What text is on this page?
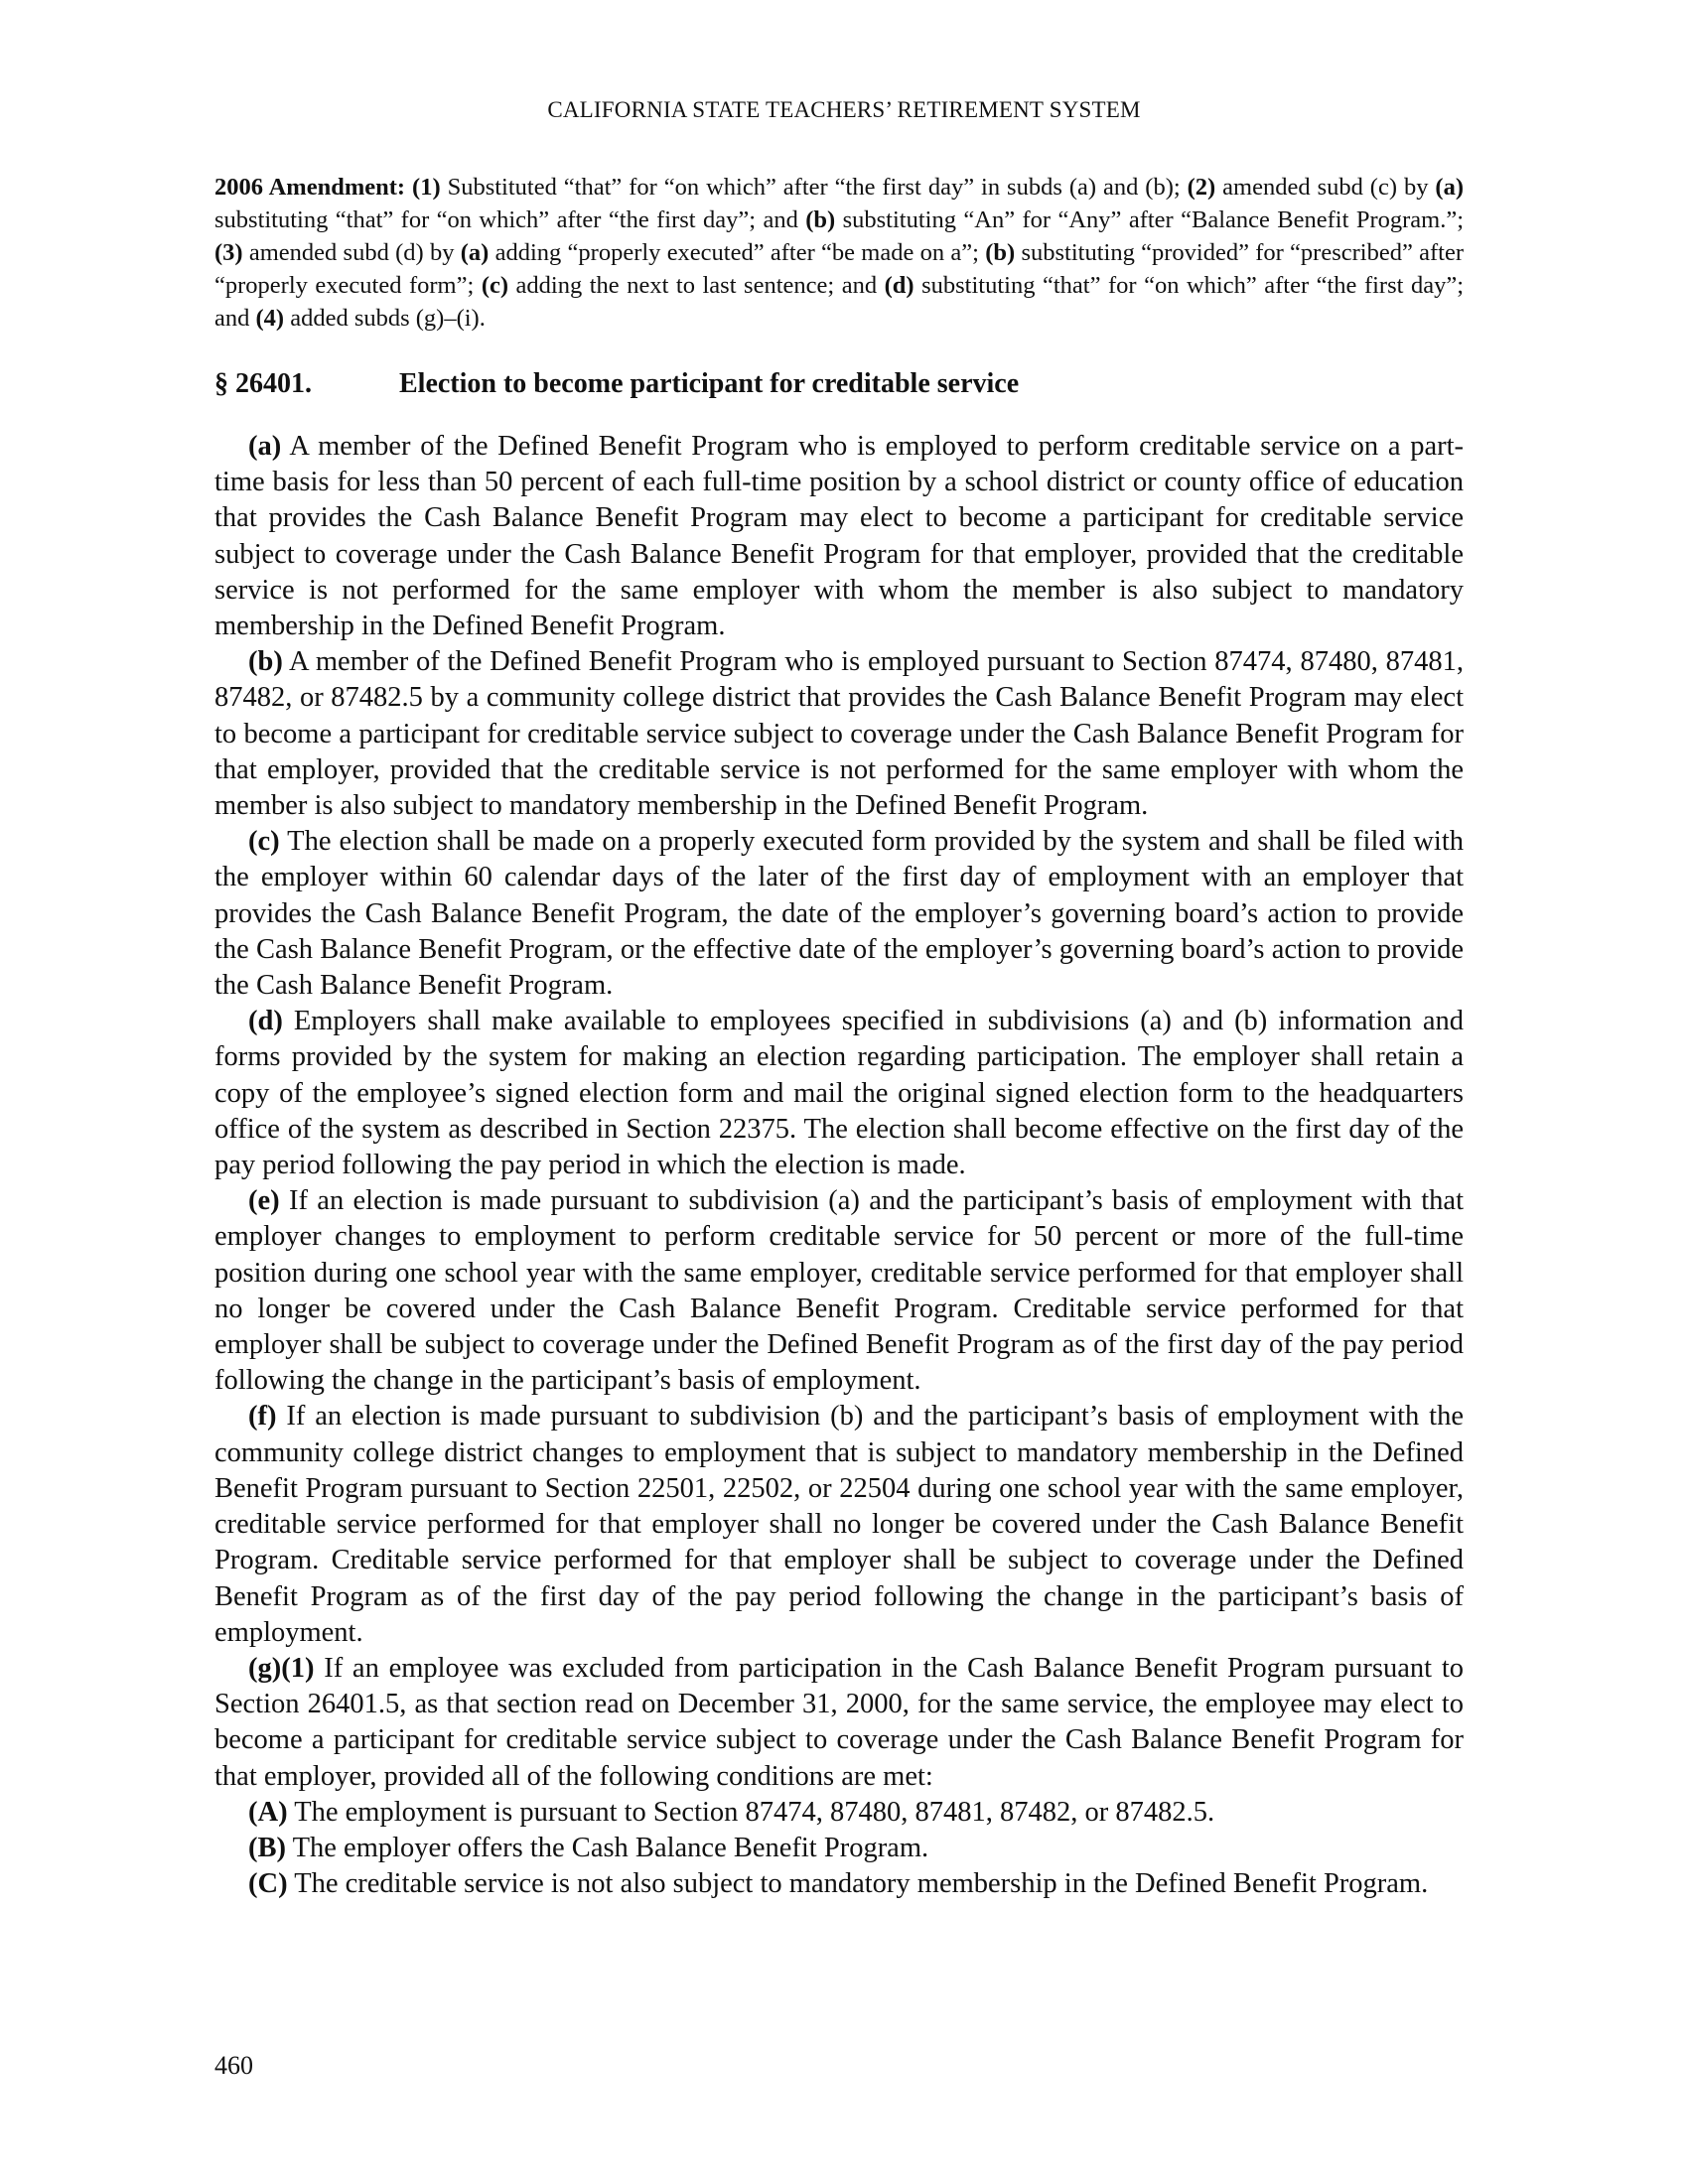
CALIFORNIA STATE TEACHERS’ RETIREMENT SYSTEM
2006 Amendment: (1) Substituted “that” for “on which” after “the first day” in subds (a) and (b); (2) amended subd (c) by (a) substituting “that” for “on which” after “the first day”; and (b) substituting “An” for “Any” after “Balance Benefit Program.”; (3) amended subd (d) by (a) adding “properly executed” after “be made on a”; (b) substituting “provided” for “prescribed” after “properly executed form”; (c) adding the next to last sentence; and (d) substituting “that” for “on which” after “the first day”; and (4) added subds (g)–(i).
§ 26401.	Election to become participant for creditable service

(a) A member of the Defined Benefit Program who is employed to perform creditable service on a part-time basis for less than 50 percent of each full-time position by a school district or county office of education that provides the Cash Balance Benefit Program may elect to become a participant for creditable service subject to coverage under the Cash Balance Benefit Program for that employer, provided that the creditable service is not performed for the same employer with whom the member is also subject to mandatory membership in the Defined Benefit Program.

(b) A member of the Defined Benefit Program who is employed pursuant to Section 87474, 87480, 87481, 87482, or 87482.5 by a community college district that provides the Cash Balance Benefit Program may elect to become a participant for creditable service subject to coverage under the Cash Balance Benefit Program for that employer, provided that the creditable service is not performed for the same employer with whom the member is also subject to mandatory membership in the Defined Benefit Program.

(c) The election shall be made on a properly executed form provided by the system and shall be filed with the employer within 60 calendar days of the later of the first day of employment with an employer that provides the Cash Balance Benefit Program, the date of the employer’s governing board’s action to provide the Cash Balance Benefit Program, or the effective date of the employer’s governing board’s action to provide the Cash Balance Benefit Program.

(d) Employers shall make available to employees specified in subdivisions (a) and (b) information and forms provided by the system for making an election regarding participation. The employer shall retain a copy of the employee’s signed election form and mail the original signed election form to the headquarters office of the system as described in Section 22375. The election shall become effective on the first day of the pay period following the pay period in which the election is made.

(e) If an election is made pursuant to subdivision (a) and the participant’s basis of employment with that employer changes to employment to perform creditable service for 50 percent or more of the full-time position during one school year with the same employer, creditable service performed for that employer shall no longer be covered under the Cash Balance Benefit Program. Creditable service performed for that employer shall be subject to coverage under the Defined Benefit Program as of the first day of the pay period following the change in the participant’s basis of employment.

(f) If an election is made pursuant to subdivision (b) and the participant’s basis of employment with the community college district changes to employment that is subject to mandatory membership in the Defined Benefit Program pursuant to Section 22501, 22502, or 22504 during one school year with the same employer, creditable service performed for that employer shall no longer be covered under the Cash Balance Benefit Program. Creditable service performed for that employer shall be subject to coverage under the Defined Benefit Program as of the first day of the pay period following the change in the participant’s basis of employment.

(g)(1) If an employee was excluded from participation in the Cash Balance Benefit Program pursuant to Section 26401.5, as that section read on December 31, 2000, for the same service, the employee may elect to become a participant for creditable service subject to coverage under the Cash Balance Benefit Program for that employer, provided all of the following conditions are met:

(A) The employment is pursuant to Section 87474, 87480, 87481, 87482, or 87482.5.

(B) The employer offers the Cash Balance Benefit Program.

(C) The creditable service is not also subject to mandatory membership in the Defined Benefit Program.

460
